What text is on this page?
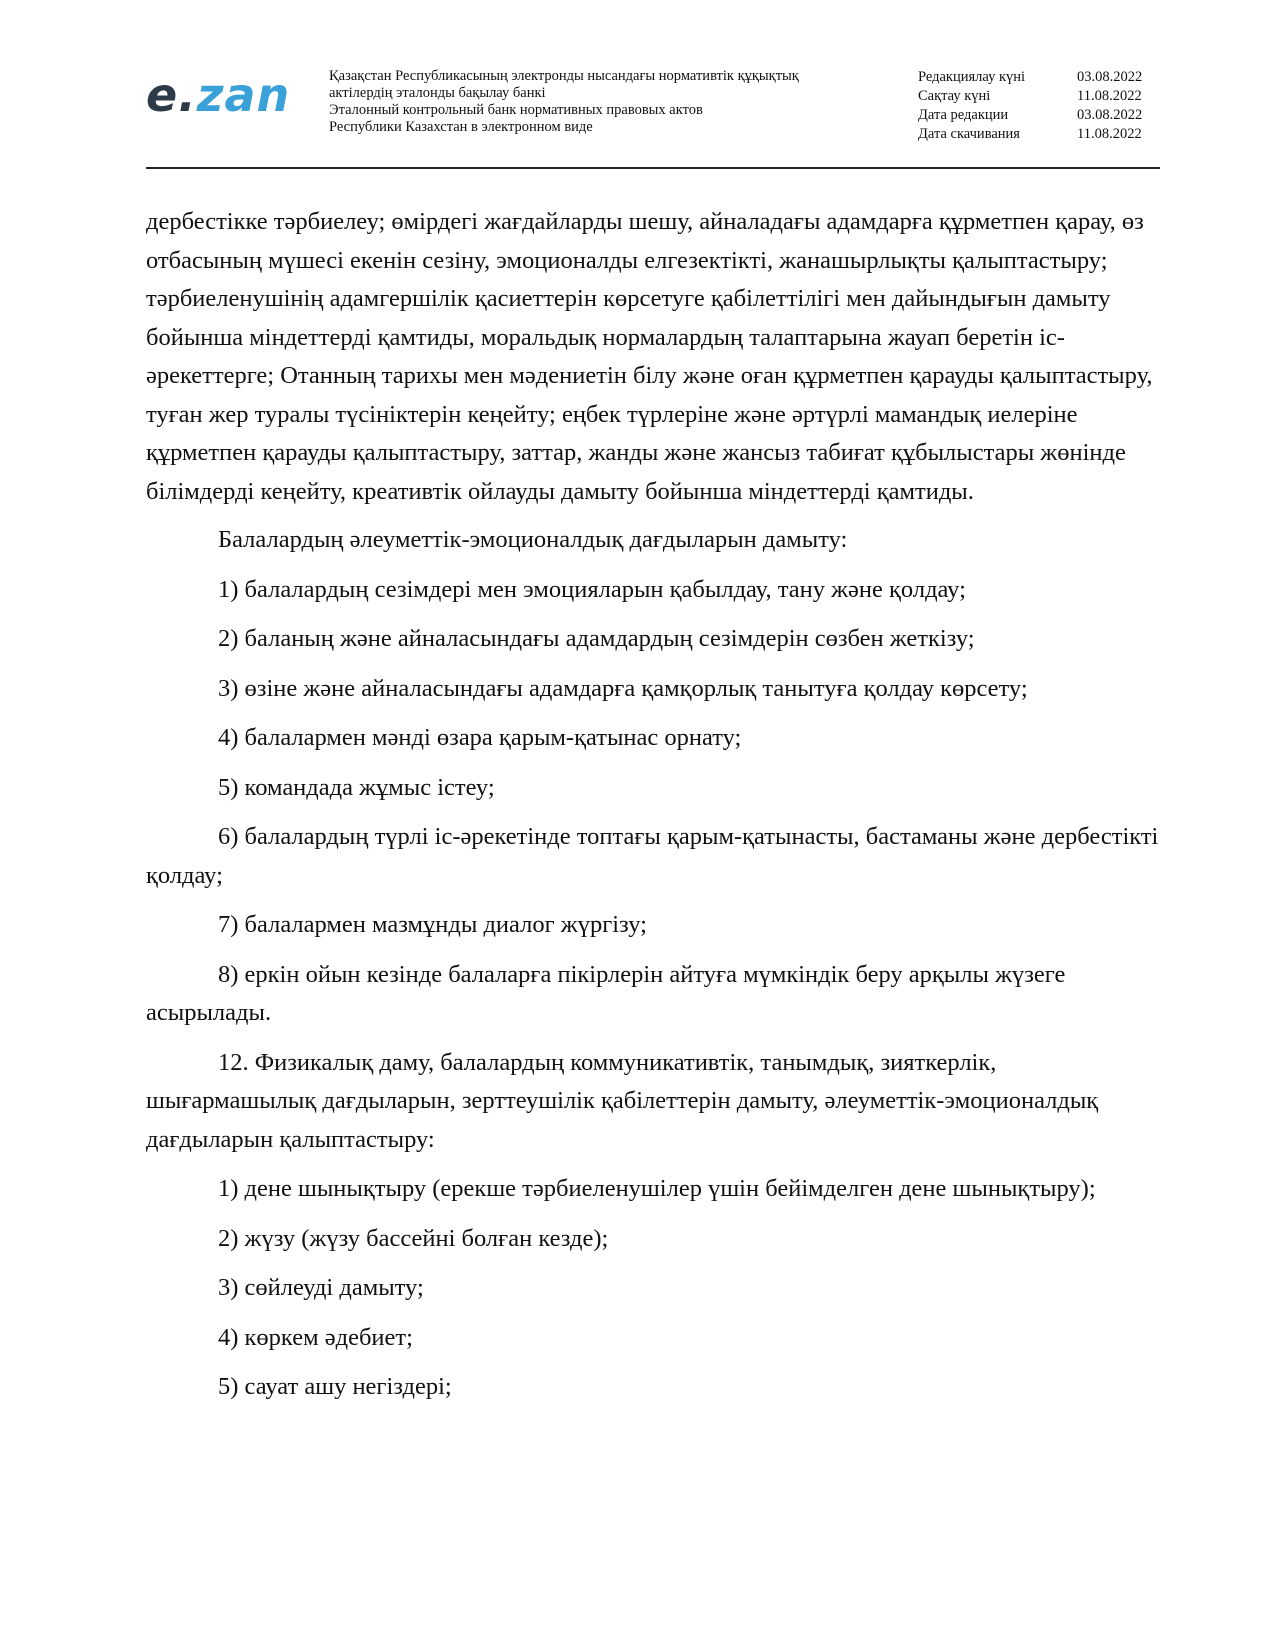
e.zan	Қазақстан Республикасының электронды нысандағы нормативтік құқықтық
актілердің эталонды бақылау банкі
Эталонный контрольный банк нормативных правовых актов
Республики Казахстан в электронном виде
Редакциялау күні	03.08.2022
Сақтау күні	11.08.2022
Дата редакции	03.08.2022
Дата скачивания	11.08.2022

дербестікке тәрбиелеу; өмірдегі жағдайларды шешу, айналадағы адамдарға құрметпен қарау, өз отбасының мүшесі екенін сезіну, эмоционалды елгезектікті, жанашырлықты қалыптастыру; тәрбиеленушінің адамгершілік қасиеттерін көрсетуге қабілеттілігі мен дайындығын дамыту бойынша міндеттерді қамтиды, моральдық нормалардың талаптарына жауап беретін іс-әрекеттерге; Отанның тарихы мен мәдениетін білу және оған құрметпен қарауды қалыптастыру, туған жер туралы түсініктерін кеңейту; еңбек түрлеріне және әртүрлі мамандық иелеріне құрметпен қарауды қалыптастыру, заттар, жанды және жансыз табиғат құбылыстары жөнінде білімдерді кеңейту, креативтік ойлауды дамыту бойынша міндеттерді қамтиды.

Балалардың әлеуметтік-эмоционалдық дағдыларын дамыту:

1) балалардың сезімдері мен эмоцияларын қабылдау, тану және қолдау;

2) баланың және айналасындағы адамдардың сезімдерін сөзбен жеткізу;

3) өзіне және айналасындағы адамдарға қамқорлық танытуға қолдау көрсету;

4) балалармен мәнді өзара қарым-қатынас орнату;

5) командада жұмыс істеу;

6) балалардың түрлі іс-әрекетінде топтағы қарым-қатынасты, бастаманы және дербестікті қолдау;

7) балалармен мазмұнды диалог жүргізу;

8) еркін ойын кезінде балаларға пікірлерін айтуға мүмкіндік беру арқылы жүзеге асырылады.

12. Физикалық даму, балалардың коммуникативтік, танымдық, зияткерлік, шығармашылық дағдыларын, зерттеушілік қабілеттерін дамыту, әлеуметтік-эмоционалдық дағдыларын қалыптастыру:

1) дене шынықтыру (ерекше тәрбиеленушілер үшін бейімделген дене шынықтыру);

2) жүзу (жүзу бассейні болған кезде);

3) сөйлеуді дамыту;

4) көркем әдебиет;

5) сауат ашу негіздері;
